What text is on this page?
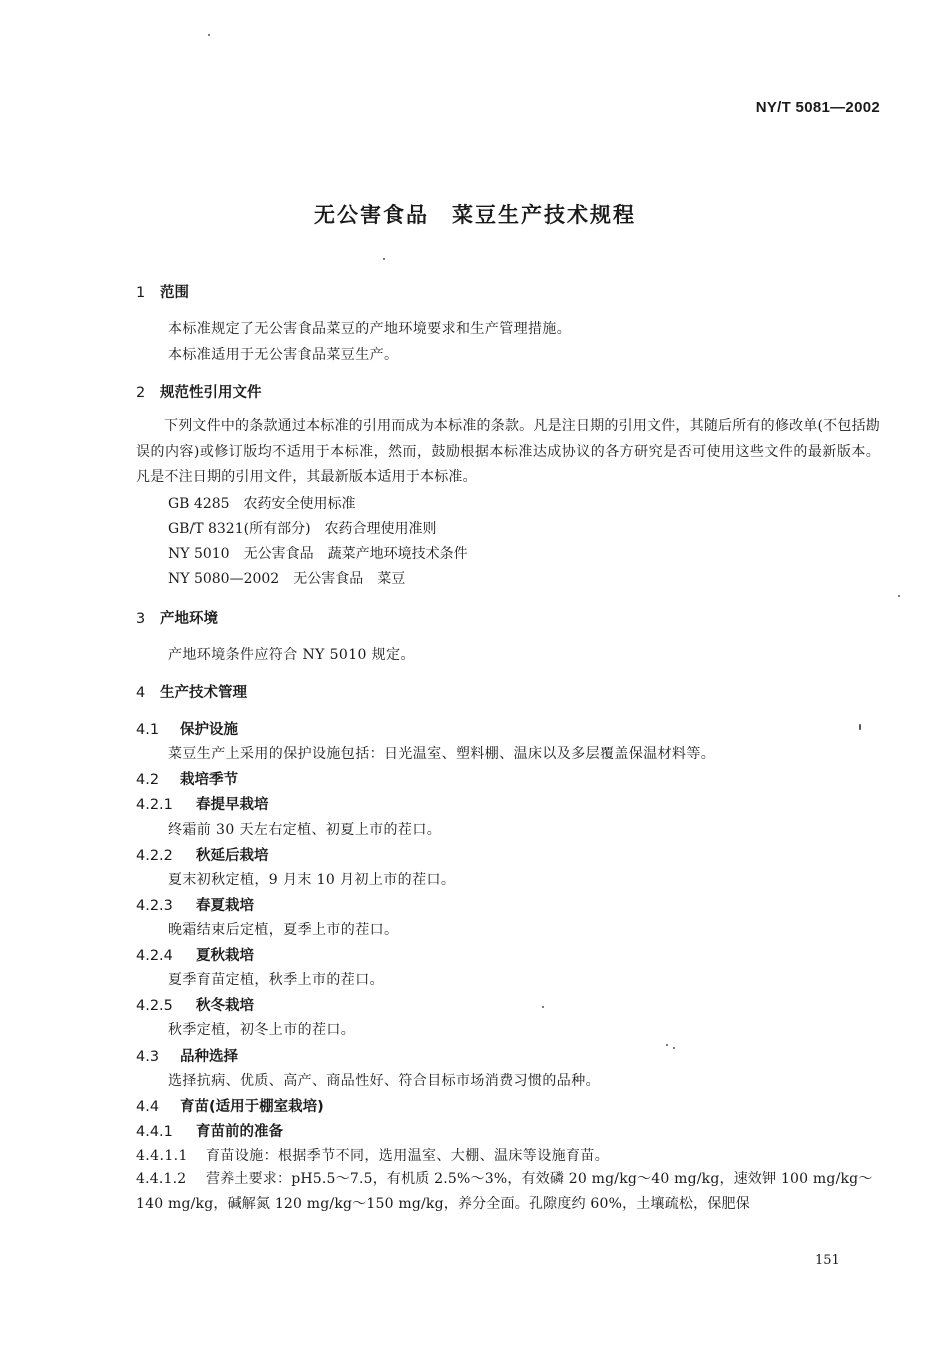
NY/T 5081—2002
无公害食品　菜豆生产技术规程
1 范围
本标准规定了无公害食品菜豆的产地环境要求和生产管理措施。
本标准适用于无公害食品菜豆生产。
2 规范性引用文件
下列文件中的条款通过本标准的引用而成为本标准的条款。凡是注日期的引用文件，其随后所有的修改单(不包括勘误的内容)或修订版均不适用于本标准，然而，鼓励根据本标准达成协议的各方研究是否可使用这些文件的最新版本。凡是不注日期的引用文件，其最新版本适用于本标准。
GB 4285　农药安全使用标准
GB/T 8321(所有部分)　农药合理使用准则
NY 5010　无公害食品　蔬菜产地环境技术条件
NY 5080—2002　无公害食品　菜豆
3 产地环境
产地环境条件应符合 NY 5010 规定。
4 生产技术管理
4.1 保护设施
菜豆生产上采用的保护设施包括：日光温室、塑料棚、温床以及多层覆盖保温材料等。
4.2 栽培季节
4.2.1 春提早栽培
终霜前 30 天左右定植、初夏上市的茬口。
4.2.2 秋延后栽培
夏末初秋定植，9 月末 10 月初上市的茬口。
4.2.3 春夏栽培
晚霜结束后定植，夏季上市的茬口。
4.2.4 夏秋栽培
夏季育苗定植，秋季上市的茬口。
4.2.5 秋冬栽培
秋季定植，初冬上市的茬口。
4.3 品种选择
选择抗病、优质、高产、商品性好、符合目标市场消费习惯的品种。
4.4 育苗(适用于棚室栽培)
4.4.1 育苗前的准备
4.4.1.1 育苗设施：根据季节不同，选用温室、大棚、温床等设施育苗。
4.4.1.2 营养土要求：pH5.5～7.5，有机质 2.5%～3%，有效磷 20 mg/kg～40 mg/kg，速效钾 100 mg/kg～140 mg/kg，碱解氮 120 mg/kg～150 mg/kg，养分全面。孔隙度约 60%，土壤疏松，保肥保
151
